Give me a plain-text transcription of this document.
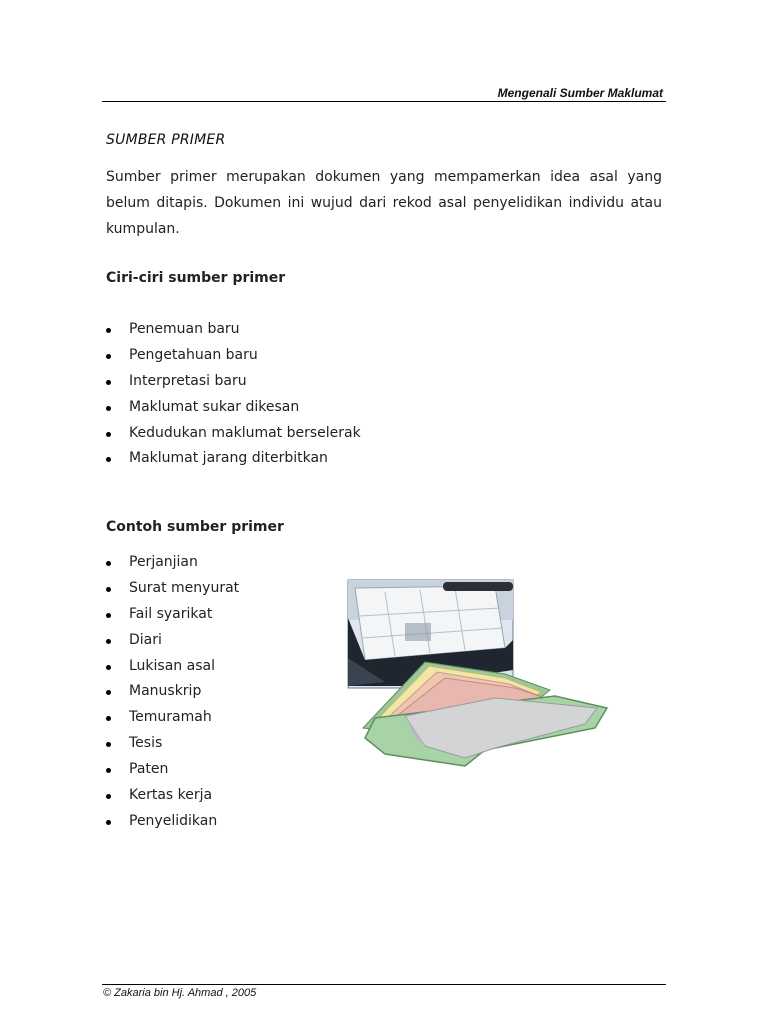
Mengenali Sumber Maklumat
SUMBER PRIMER
Sumber primer merupakan dokumen yang mempamerkan idea asal yang belum ditapis. Dokumen ini wujud dari rekod asal penyelidikan individu atau kumpulan.
Ciri-ciri sumber primer
Penemuan baru
Pengetahuan baru
Interpretasi baru
Maklumat sukar dikesan
Kedudukan maklumat berselerak
Maklumat jarang diterbitkan
Contoh sumber primer
Perjanjian
Surat menyurat
Fail syarikat
Diari
Lukisan asal
Manuskrip
Temuramah
Tesis
Paten
Kertas kerja
Penyelidikan
© Zakaria bin Hj. Ahmad , 2005
